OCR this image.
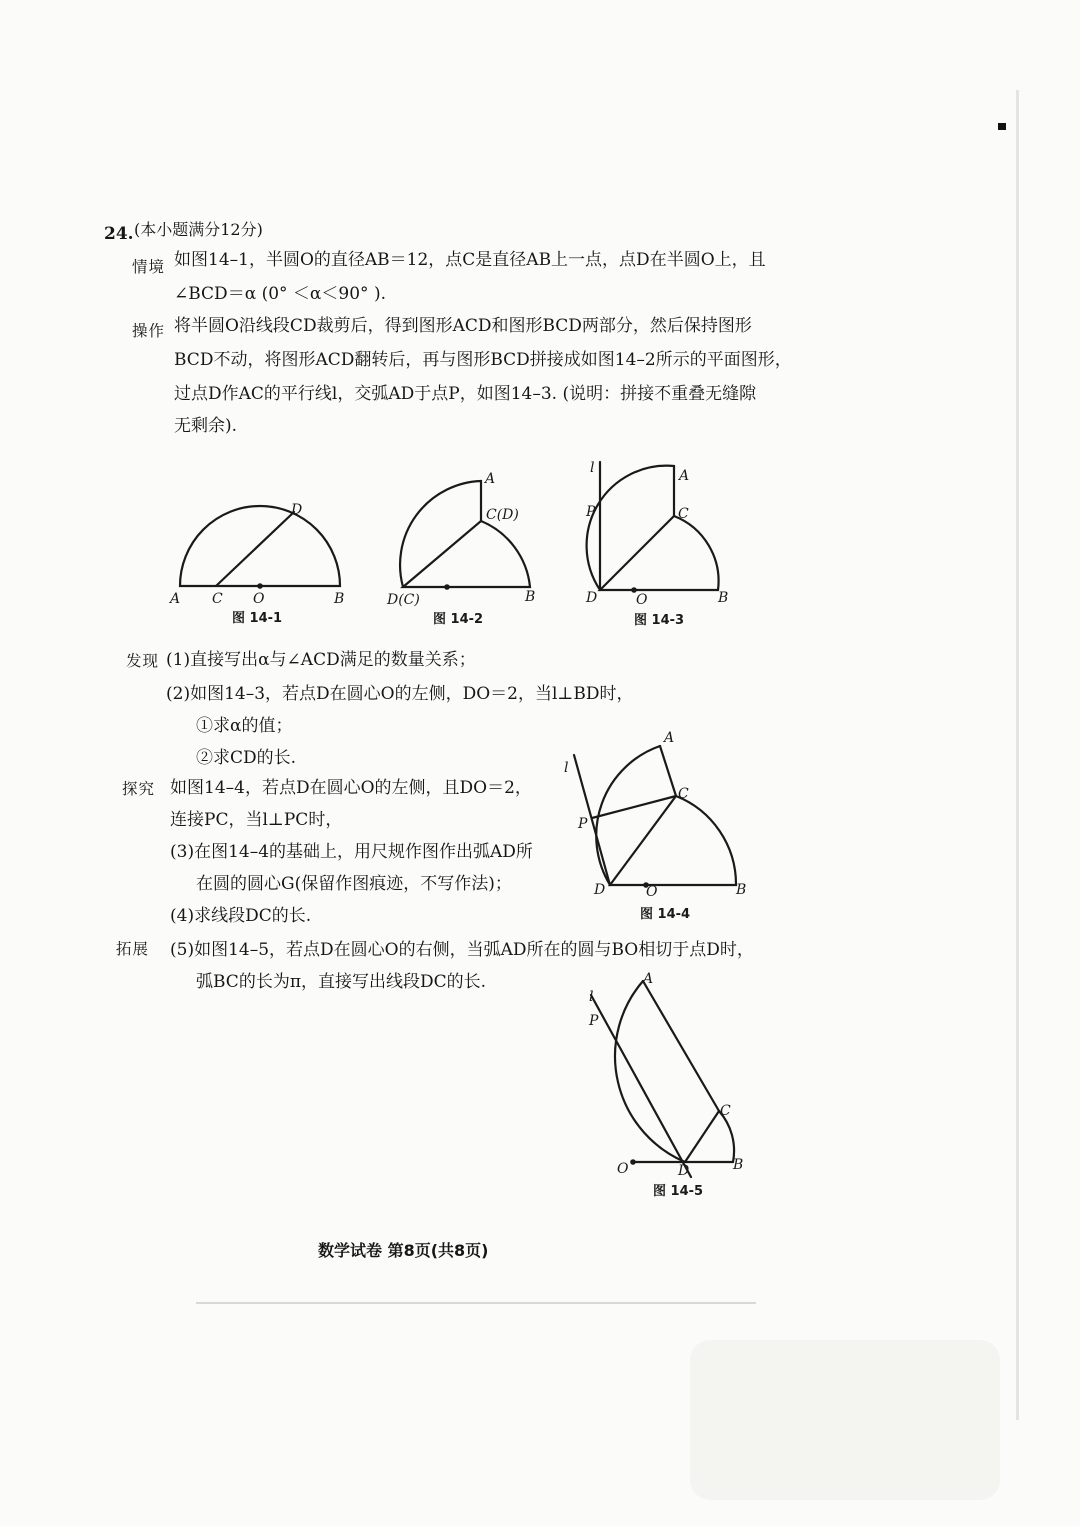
24. (本小题满分12分)
情境 如图14–1，半圆O的直径AB＝12，点C是直径AB上一点，点D在半圆O上，且
∠BCD＝α (0° ＜α＜90° ).
操作 将半圆O沿线段CD裁剪后，得到图形ACD和图形BCD两部分，然后保持图形
BCD不动，将图形ACD翻转后，再与图形BCD拼接成如图14–2所示的平面图形，
过点D作AC的平行线l，交弧AD于点P，如图14–3. (说明：拼接不重叠无缝隙
无剩余).
A C O	B
D
图 14-1
A
C(D)
D(C)	B
图 14-2
l	A
P	C
D	O	B
图 14-3
发现 (1)直接写出α与∠ACD满足的数量关系；
(2)如图14–3，若点D在圆心O的左侧，DO＝2，当l⊥BD时，
①求α的值；
②求CD的长.
探究 如图14–4，若点D在圆心O的左侧，且DO＝2，
连接PC，当l⊥PC时，
(3)在图14–4的基础上，用尺规作图作出弧AD所
在圆的圆心G(保留作图痕迹，不写作法)；
(4)求线段DC的长.
l
A
C
P
D	O	B
图 14-4
拓展 (5)如图14–5，若点D在圆心O的右侧，当弧AD所在的圆与BO相切于点D时，
弧BC的长为π，直接写出线段DC的长.
l
A
P
C
O	D	B
图 14-5
数学试卷 第8页(共8页)
